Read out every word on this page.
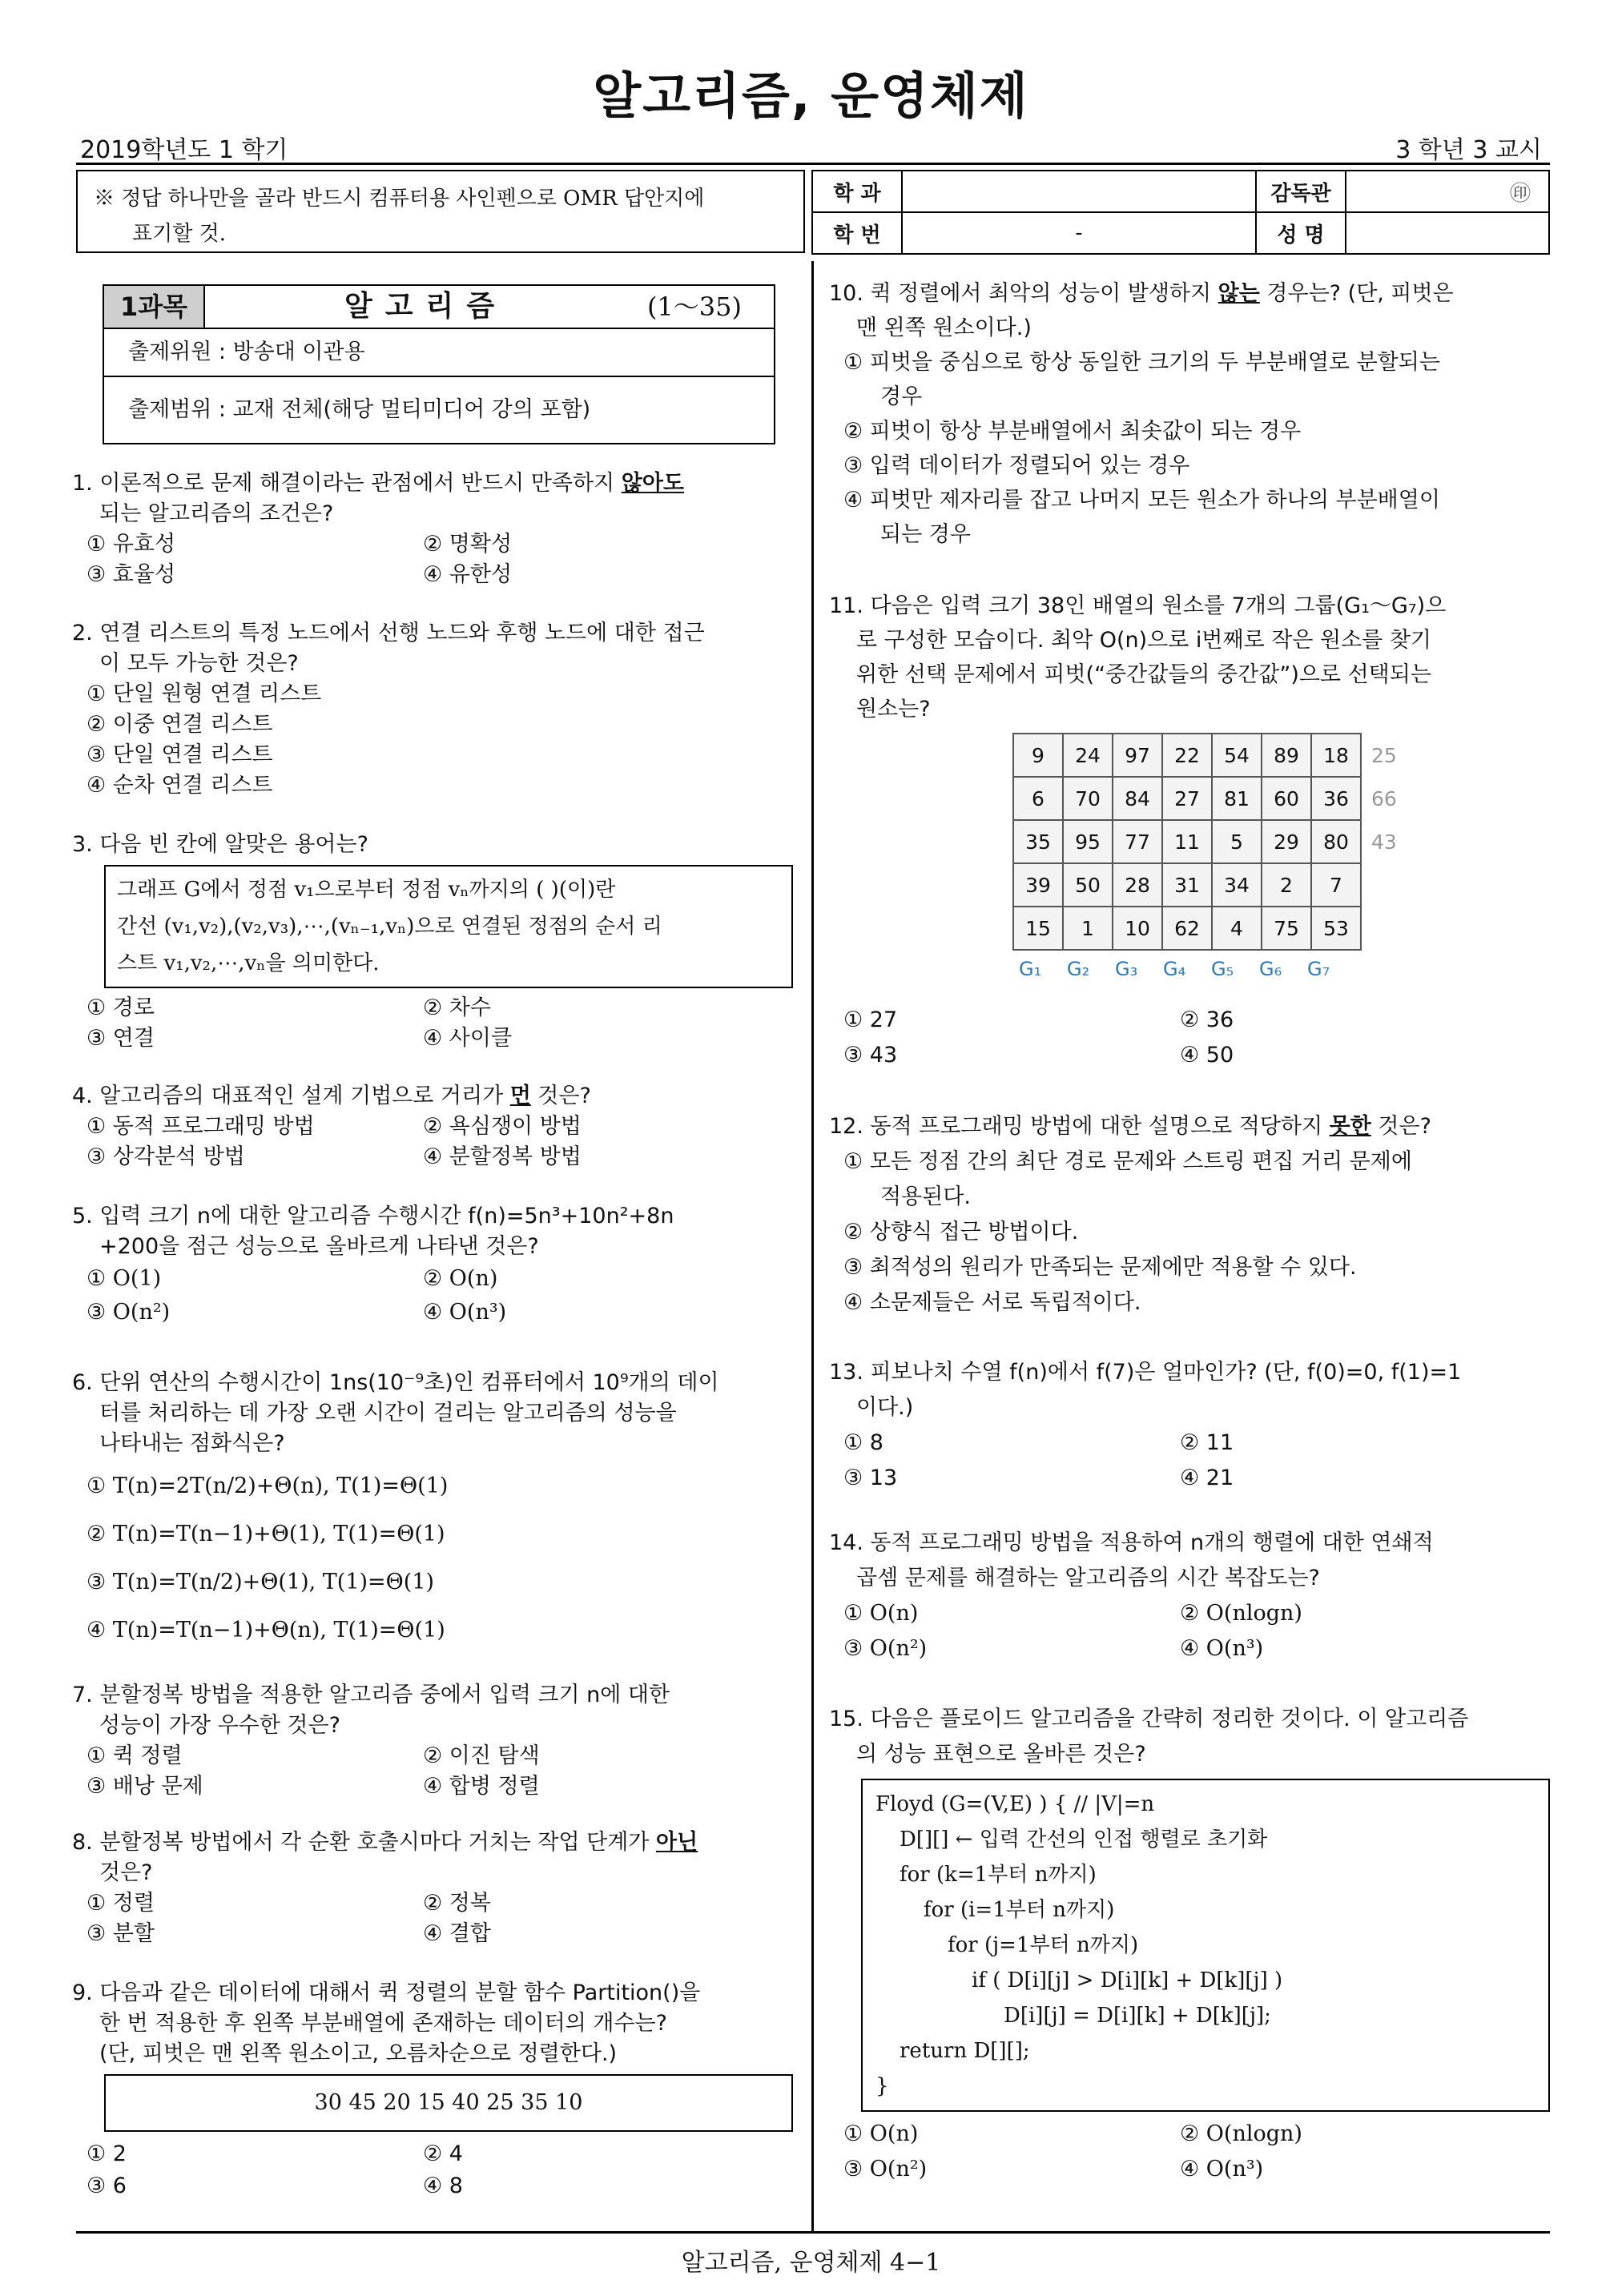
알고리즘, 운영체제
2019학년도 1 학기	3 학년 3 교시
※ 정답 하나만을 골라 반드시 컴퓨터용 사인펜으로 OMR 답안지에
표기할 것.
학 과		감독관	㊞
학 번	-	성 명	
1과목	알고리즘	(1～35)
출제위원 : 방송대 이관용
출제범위 : 교재 전체(해당 멀티미디어 강의 포함)
1. 이론적으로 문제 해결이라는 관점에서 반드시 만족하지 않아도
되는 알고리즘의 조건은?
① 유효성	② 명확성
③ 효율성	④ 유한성
2. 연결 리스트의 특정 노드에서 선행 노드와 후행 노드에 대한 접근
이 모두 가능한 것은?
① 단일 원형 연결 리스트
② 이중 연결 리스트
③ 단일 연결 리스트
④ 순차 연결 리스트
3. 다음 빈 칸에 알맞은 용어는?
그래프 G에서 정점 v₁으로부터 정점 vₙ까지의 ( )(이)란
간선 (v₁,v₂),(v₂,v₃),⋯,(vₙ₋₁,vₙ)으로 연결된 정점의 순서 리
스트 v₁,v₂,⋯,vₙ을 의미한다.
① 경로	② 차수
③ 연결	④ 사이클
4. 알고리즘의 대표적인 설계 기법으로 거리가 먼 것은?
① 동적 프로그래밍 방법	② 욕심쟁이 방법
③ 상각분석 방법	④ 분할정복 방법
5. 입력 크기 n에 대한 알고리즘 수행시간 f(n)=5n³+10n²+8n
+200을 점근 성능으로 올바르게 나타낸 것은?
① O(1)	② O(n)
③ O(n²)	④ O(n³)
6. 단위 연산의 수행시간이 1ns(10⁻⁹초)인 컴퓨터에서 10⁹개의 데이
터를 처리하는 데 가장 오랜 시간이 걸리는 알고리즘의 성능을
나타내는 점화식은?
① T(n)=2T(n/2)+Θ(n), T(1)=Θ(1)
② T(n)=T(n−1)+Θ(1), T(1)=Θ(1)
③ T(n)=T(n/2)+Θ(1), T(1)=Θ(1)
④ T(n)=T(n−1)+Θ(n), T(1)=Θ(1)
7. 분할정복 방법을 적용한 알고리즘 중에서 입력 크기 n에 대한
성능이 가장 우수한 것은?
① 퀵 정렬	② 이진 탐색
③ 배낭 문제	④ 합병 정렬
8. 분할정복 방법에서 각 순환 호출시마다 거치는 작업 단계가 아닌
것은?
① 정렬	② 정복
③ 분할	④ 결합
9. 다음과 같은 데이터에 대해서 퀵 정렬의 분할 함수 Partition()을
한 번 적용한 후 왼쪽 부분배열에 존재하는 데이터의 개수는?
(단, 피벗은 맨 왼쪽 원소이고, 오름차순으로 정렬한다.)
30 45 20 15 40 25 35 10
① 2	② 4
③ 6	④ 8
10. 퀵 정렬에서 최악의 성능이 발생하지 않는 경우는? (단, 피벗은
맨 왼쪽 원소이다.)
① 피벗을 중심으로 항상 동일한 크기의 두 부분배열로 분할되는
경우
② 피벗이 항상 부분배열에서 최솟값이 되는 경우
③ 입력 데이터가 정렬되어 있는 경우
④ 피벗만 제자리를 잡고 나머지 모든 원소가 하나의 부분배열이
되는 경우
11. 다음은 입력 크기 38인 배열의 원소를 7개의 그룹(G₁～G₇)으
로 구성한 모습이다. 최악 O(n)으로 i번째로 작은 원소를 찾기
위한 선택 문제에서 피벗(“중간값들의 중간값”)으로 선택되는
원소는?
9	24	97	22	54	89	18	25
6	70	84	27	81	60	36	66
35	95	77	11	5	29	80	43
39	50	28	31	34	2	7	
15	1	10	62	4	75	53	
G₁ G₂ G₃ G₄ G₅ G₆ G₇
① 27	② 36
③ 43	④ 50
12. 동적 프로그래밍 방법에 대한 설명으로 적당하지 못한 것은?
① 모든 정점 간의 최단 경로 문제와 스트링 편집 거리 문제에
적용된다.
② 상향식 접근 방법이다.
③ 최적성의 원리가 만족되는 문제에만 적용할 수 있다.
④ 소문제들은 서로 독립적이다.
13. 피보나치 수열 f(n)에서 f(7)은 얼마인가? (단, f(0)=0, f(1)=1
이다.)
① 8	② 11
③ 13	④ 21
14. 동적 프로그래밍 방법을 적용하여 n개의 행렬에 대한 연쇄적
곱셈 문제를 해결하는 알고리즘의 시간 복잡도는?
① O(n)	② O(nlogn)
③ O(n²)	④ O(n³)
15. 다음은 플로이드 알고리즘을 간략히 정리한 것이다. 이 알고리즘
의 성능 표현으로 올바른 것은?
Floyd (G=(V,E) ) { // |V|=n
D[][] ← 입력 간선의 인접 행렬로 초기화
for (k=1부터 n까지)
for (i=1부터 n까지)
for (j=1부터 n까지)
if ( D[i][j] > D[i][k] + D[k][j] )
D[i][j] = D[i][k] + D[k][j];
return D[][];
}
① O(n)	② O(nlogn)
③ O(n²)	④ O(n³)
알고리즘, 운영체제 4−1
